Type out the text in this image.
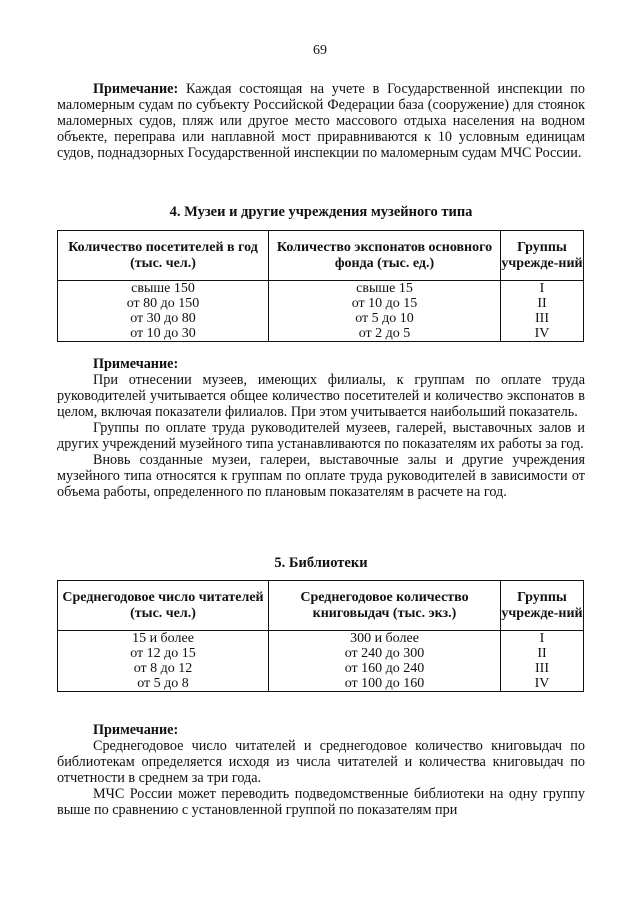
69

Примечание: Каждая состоящая на учете в Государственной инспекции по маломерным судам по субъекту Российской Федерации база (сооружение) для стоянок маломерных судов, пляж или другое место массового отдыха населения на водном объекте, переправа или наплавной мост приравниваются к 10 условным единицам судов, поднадзорных Государственной инспекции по маломерным судам МЧС России.

4. Музеи и другие учреждения музейного типа
Количество посетителей в год (тыс. чел.)	Количество экспонатов основного фонда (тыс. ед.)	Группы учрежде-ний
свыше 150	свыше 15	I
от 80 до 150	от 10 до 15	II
от 30 до 80	от 5 до 10	III
от 10 до 30	от 2 до 5	IV

Примечание:

При отнесении музеев, имеющих филиалы, к группам по оплате труда руководителей учитывается общее количество посетителей и количество экспонатов в целом, включая показатели филиалов. При этом учитывается наибольший показатель.

Группы по оплате труда руководителей музеев, галерей, выставочных залов и других учреждений музейного типа устанавливаются по показателям их работы за год.

Вновь созданные музеи, галереи, выставочные залы и другие учреждения музейного типа относятся к группам по оплате труда руководителей в зависимости от объема работы, определенного по плановым показателям в расчете на год.

5. Библиотеки
Среднегодовое число читателей (тыс. чел.)	Среднегодовое количество книговыдач (тыс. экз.)	Группы учрежде-ний
15 и более	300 и более	I
от 12 до 15	от 240 до 300	II
от 8 до 12	от 160 до 240	III
от 5 до 8	от 100 до 160	IV

Примечание:

Среднегодовое число читателей и среднегодовое количество книговыдач по библиотекам определяется исходя из числа читателей и количества книговыдач по отчетности в среднем за три года.

МЧС России может переводить подведомственные библиотеки на одну группу выше по сравнению с установленной группой по показателям при
